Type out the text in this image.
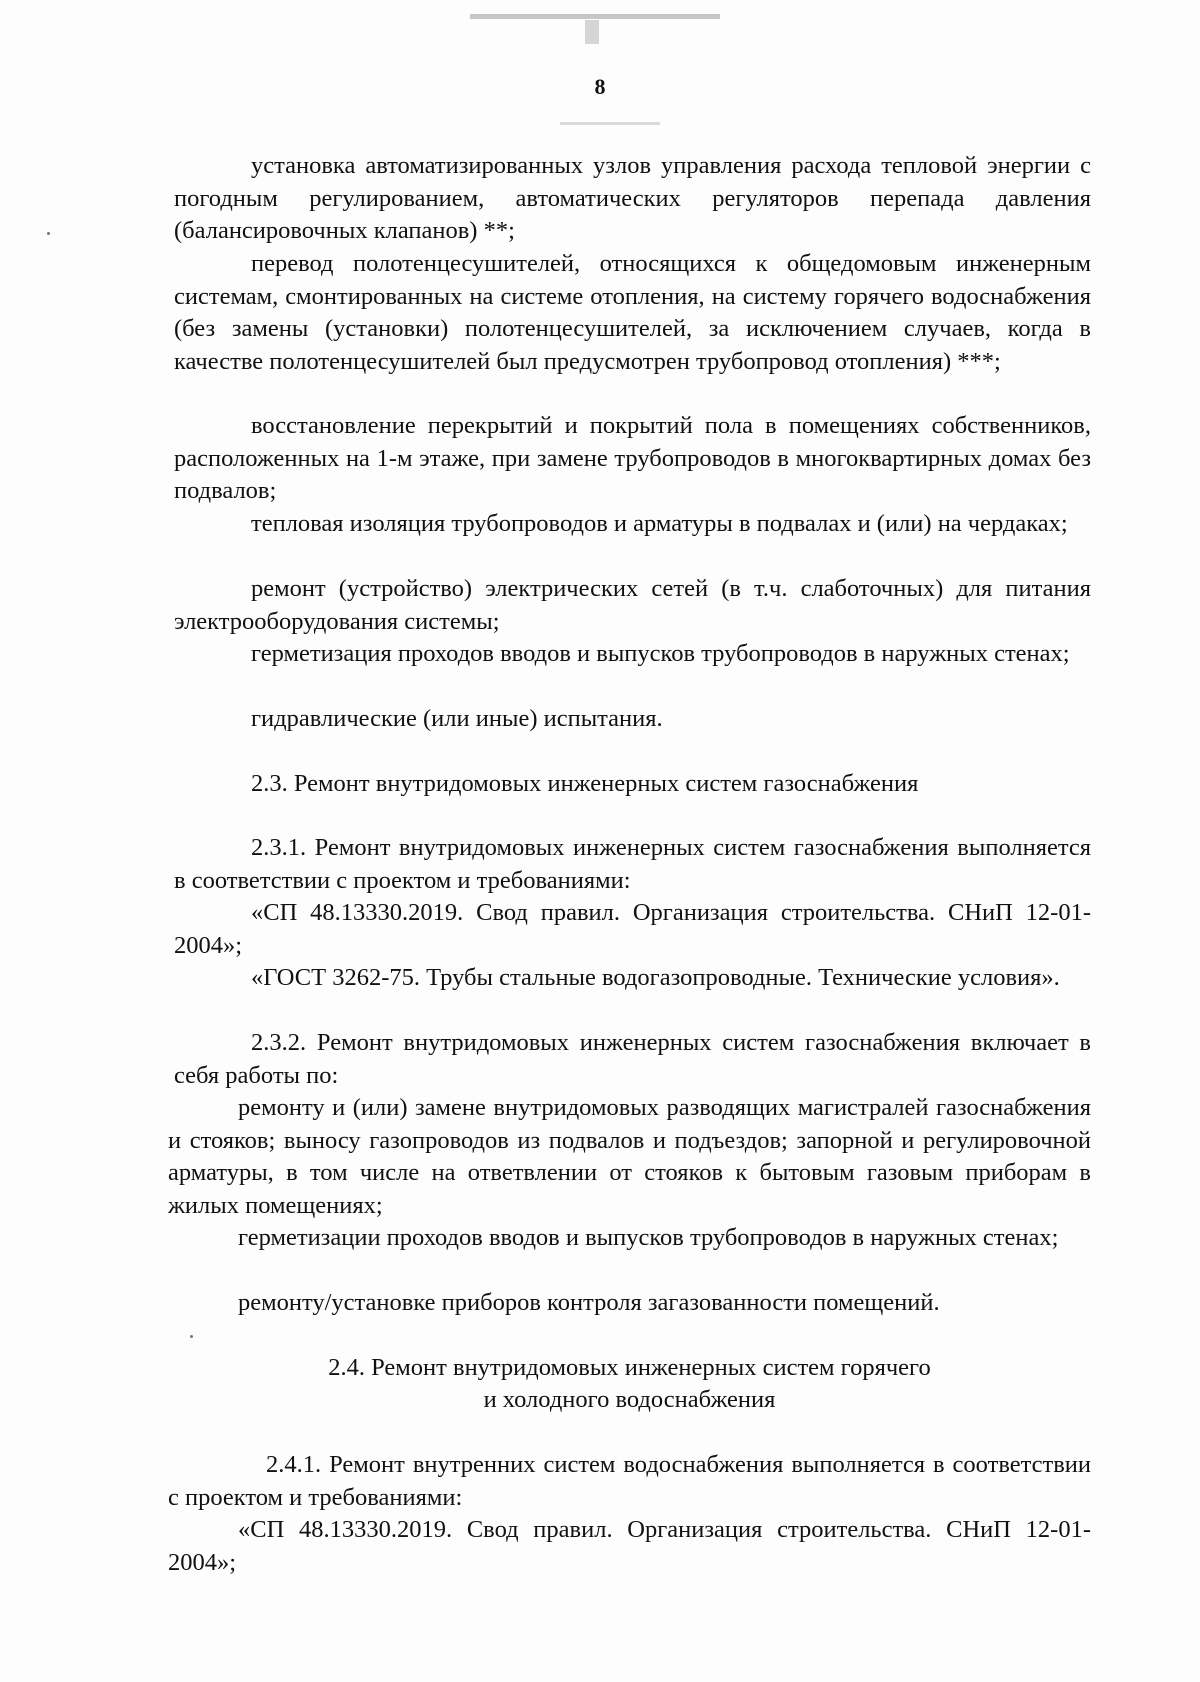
8

установка автоматизированных узлов управления расхода тепловой энергии с погодным регулированием, автоматических регуляторов перепада давления (балансировочных клапанов) **;

перевод полотенцесушителей, относящихся к общедомовым инженерным системам, смонтированных на системе отопления, на систему горячего водоснабжения (без замены (установки) полотенцесушителей, за исключением случаев, когда в качестве полотенцесушителей был предусмотрен трубопровод отопления) ***;

восстановление перекрытий и покрытий пола в помещениях собственников, расположенных на 1-м этаже, при замене трубопроводов в многоквартирных домах без подвалов;

тепловая изоляция трубопроводов и арматуры в подвалах и (или) на чердаках;

ремонт (устройство) электрических сетей (в т.ч. слаботочных) для питания электрооборудования системы;

герметизация проходов вводов и выпусков трубопроводов в наружных стенах;

гидравлические (или иные) испытания.

2.3. Ремонт внутридомовых инженерных систем газоснабжения

2.3.1. Ремонт внутридомовых инженерных систем газоснабжения выполняется в соответствии с проектом и требованиями:

«СП 48.13330.2019. Свод правил. Организация строительства. СНиП 12-01-2004»;

«ГОСТ 3262-75. Трубы стальные водогазопроводные. Технические условия».

2.3.2. Ремонт внутридомовых инженерных систем газоснабжения включает в себя работы по:

ремонту и (или) замене внутридомовых разводящих магистралей газоснабжения и стояков; выносу газопроводов из подвалов и подъездов; запорной и регулировочной арматуры, в том числе на ответвлении от стояков к бытовым газовым приборам в жилых помещениях;

герметизации проходов вводов и выпусков трубопроводов в наружных стенах;

ремонту/установке приборов контроля загазованности помещений.

2.4. Ремонт внутридомовых инженерных систем горячего

и холодного водоснабжения

2.4.1. Ремонт внутренних систем водоснабжения выполняется в соответствии с проектом и требованиями:

«СП 48.13330.2019. Свод правил. Организация строительства. СНиП 12-01-2004»;
